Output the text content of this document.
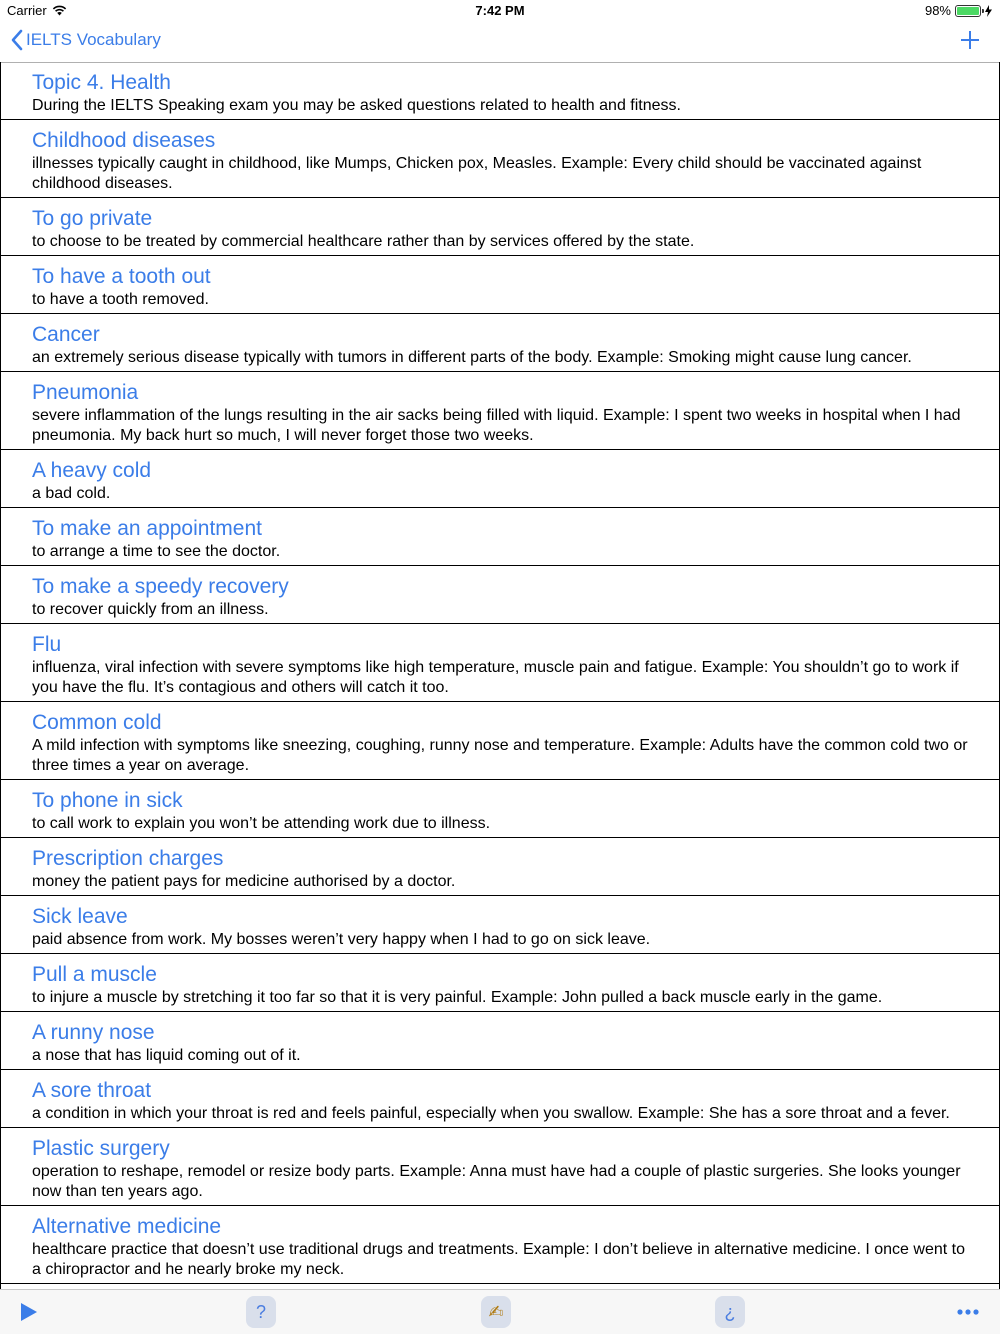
Carrier	7:42 PM	98%
IELTS Vocabulary
Topic 4. Health
During the IELTS Speaking exam you may be asked questions related to health and fitness.
Childhood diseases
illnesses typically caught in childhood, like Mumps, Chicken pox, Measles. Example: Every child should be vaccinated against childhood diseases.
To go private
to choose to be treated by commercial healthcare rather than by services offered by the state.
To have a tooth out
to have a tooth removed.
Cancer
an extremely serious disease typically with tumors in different parts of the body. Example: Smoking might cause lung cancer.
Pneumonia
severe inflammation of the lungs resulting in the air sacks being filled with liquid. Example: I spent two weeks in hospital when I had pneumonia. My back hurt so much, I will never forget those two weeks.
A heavy cold
a bad cold.
To make an appointment
to arrange a time to see the doctor.
To make a speedy recovery
to recover quickly from an illness.
Flu
influenza, viral infection with severe symptoms like high temperature, muscle pain and fatigue. Example: You shouldn’t go to work if you have the flu. It’s contagious and others will catch it too.
Common cold
A mild infection with symptoms like sneezing, coughing, runny nose and temperature. Example: Adults have the common cold two or three times a year on average.
To phone in sick
to call work to explain you won’t be attending work due to illness.
Prescription charges
money the patient pays for medicine authorised by a doctor.
Sick leave
paid absence from work. My bosses weren’t very happy when I had to go on sick leave.
Pull a muscle
to injure a muscle by stretching it too far so that it is very painful. Example: John pulled a back muscle early in the game.
A runny nose
a nose that has liquid coming out of it.
A sore throat
a condition in which your throat is red and feels painful, especially when you swallow. Example: She has a sore throat and a fever.
Plastic surgery
operation to reshape, remodel or resize body parts. Example: Anna must have had a couple of plastic surgeries. She looks younger now than ten years ago.
Alternative medicine
healthcare practice that doesn’t use traditional drugs and treatments. Example: I don’t believe in alternative medicine. I once went to a chiropractor and he nearly broke my neck.
?	✍	¿
